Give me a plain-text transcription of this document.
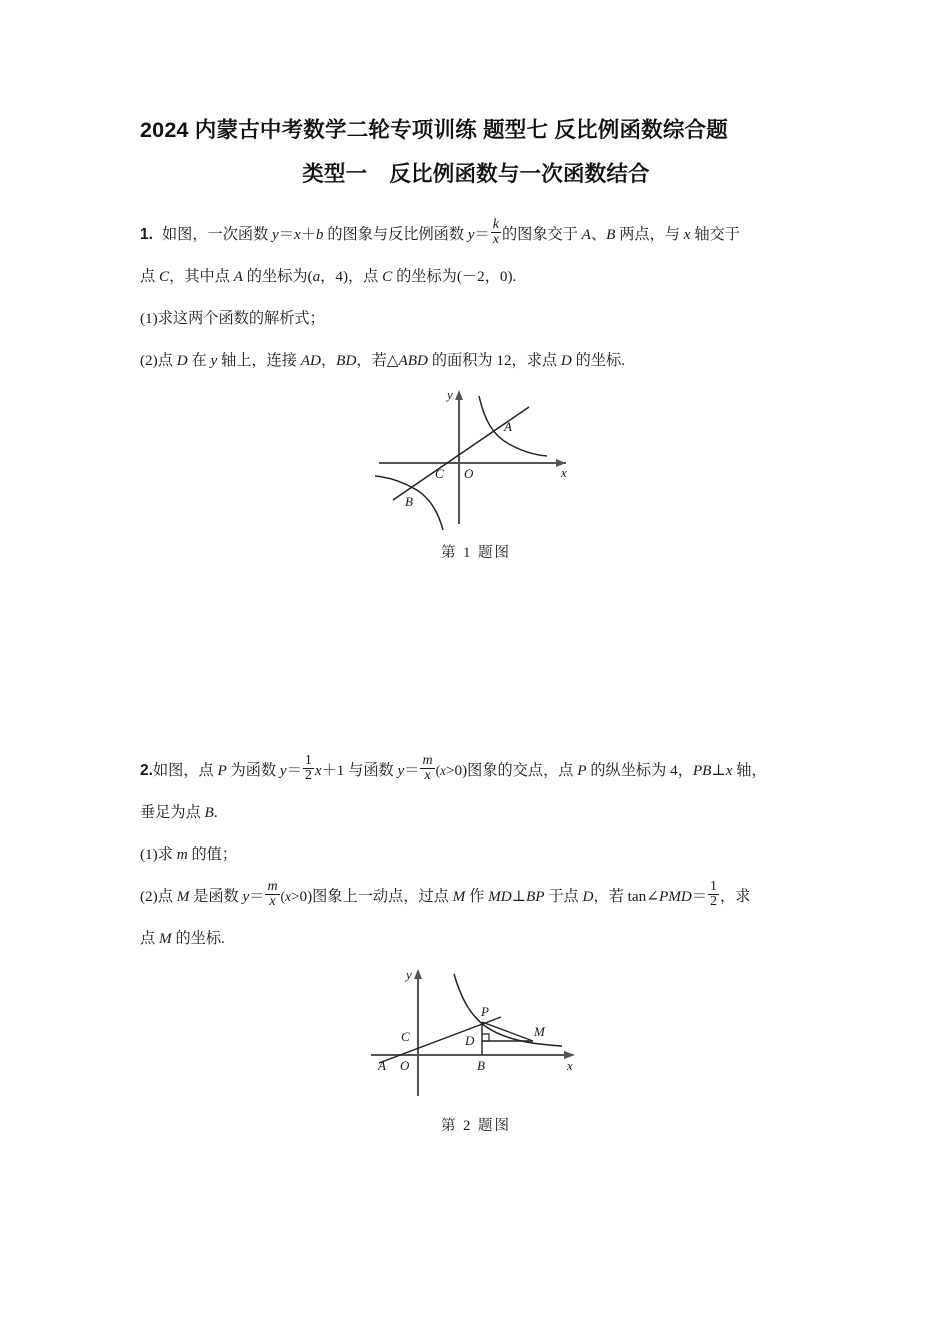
2024 内蒙古中考数学二轮专项训练 题型七 反比例函数综合题
类型一 反比例函数与一次函数结合
1. 如图，一次函数 y＝x＋b 的图象与反比例函数 $y= \frac{k}{x}$ 的图象交于 A、B 两点，与 x 轴交于
点 C，其中点 A 的坐标为(a，4)，点 C 的坐标为(－2，0).
(1)求这两个函数的解析式；
(2)点 D 在 y 轴上，连接 AD，BD，若△ABD 的面积为 12，求点 D 的坐标.
y
x
O
C
A
B
第 1 题图
2.如图，点 P 为函数 $y= \frac{1}{2} x+1$ 与函数 $y= \frac{m}{x} (x>0)$图象的交点，点 P 的纵坐标为 4，PB⊥x 轴，
垂足为点 B.
(1)求 m 的值；
(2)点 M 是函数 $y= \frac{m}{x} (x>0)$图象上一动点，过点 M 作 MD⊥BP 于点 D，若 tan∠PMD＝ $\frac{1}{2}$ ，求
点 M 的坐标.
y
x
O
A	B
C	D
M
P
第 2 题图
